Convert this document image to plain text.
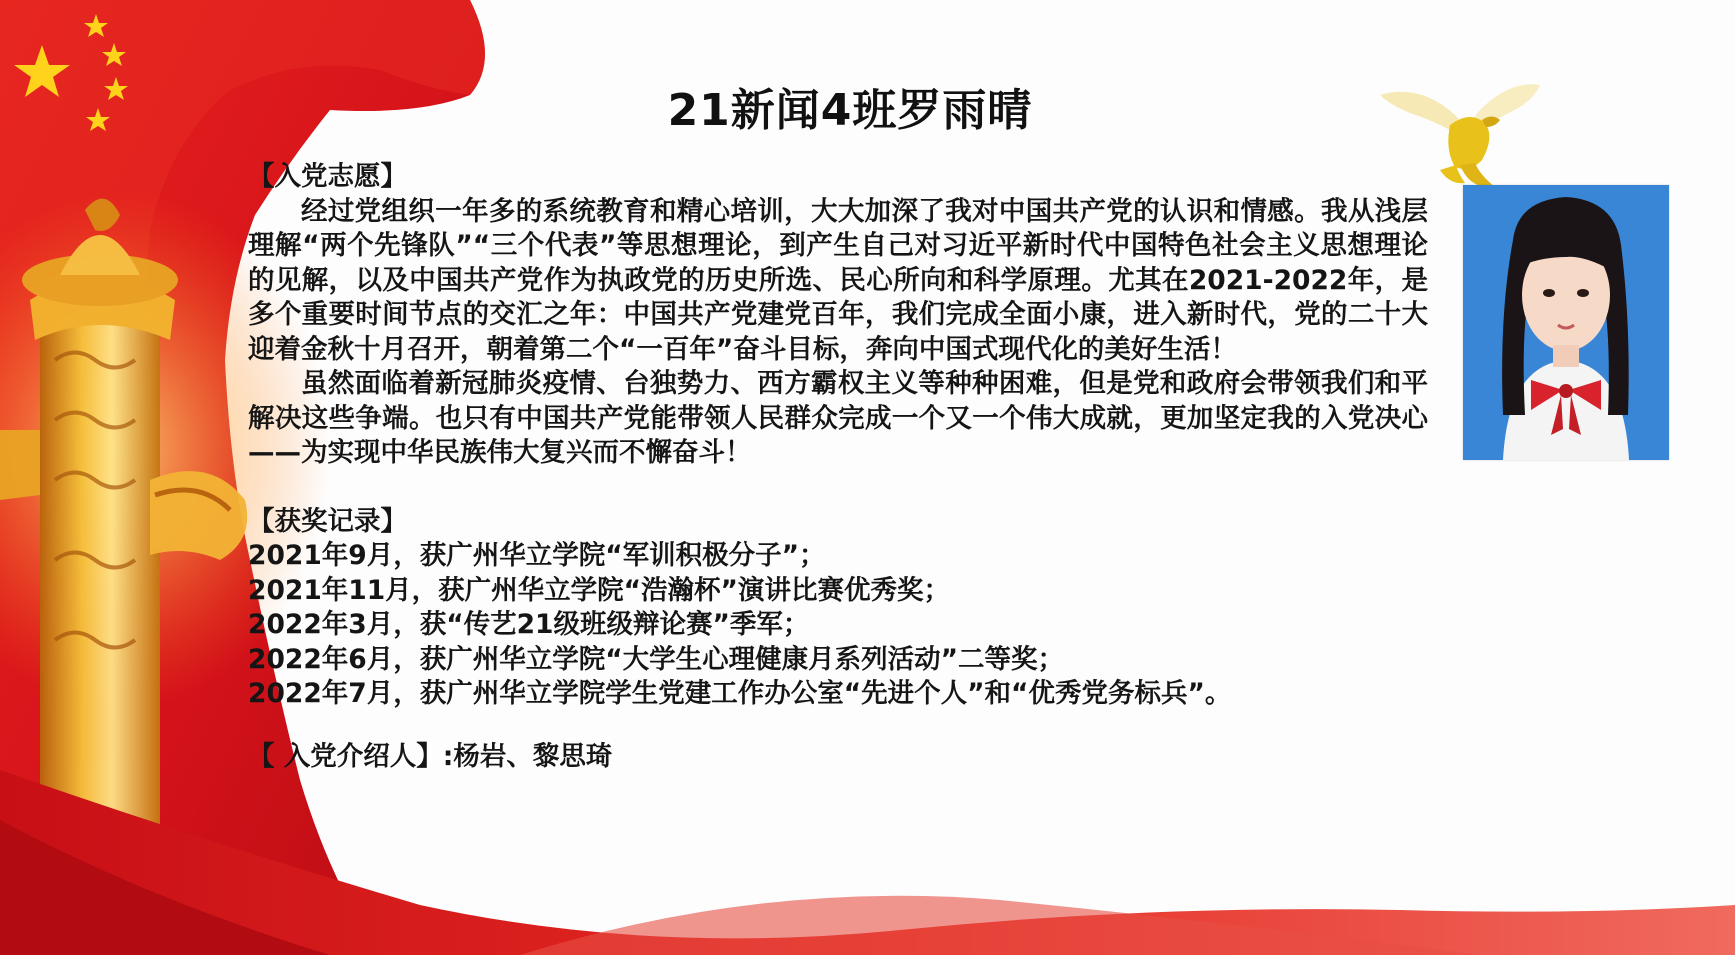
21新闻4班罗雨晴

【入党志愿】

经过党组织一年多的系统教育和精心培训，大大加深了我对中国共产党的认识和情感。我从浅层理解“两个先锋队”“三个代表”等思想理论，到产生自己对习近平新时代中国特色社会主义思想理论的见解，以及中国共产党作为执政党的历史所选、民心所向和科学原理。尤其在2021-2022年，是多个重要时间节点的交汇之年：中国共产党建党百年，我们完成全面小康，进入新时代，党的二十大迎着金秋十月召开，朝着第二个“一百年”奋斗目标，奔向中国式现代化的美好生活！

虽然面临着新冠肺炎疫情、台独势力、西方霸权主义等种种困难，但是党和政府会带领我们和平解决这些争端。也只有中国共产党能带领人民群众完成一个又一个伟大成就，更加坚定我的入党决心——为实现中华民族伟大复兴而不懈奋斗！

【获奖记录】

2021年9月，获广州华立学院“军训积极分子”；

2021年11月，获广州华立学院“浩瀚杯”演讲比赛优秀奖；

2022年3月，获“传艺21级班级辩论赛”季军；

2022年6月，获广州华立学院“大学生心理健康月系列活动”二等奖；

2022年7月，获广州华立学院学生党建工作办公室“先进个人”和“优秀党务标兵”。

【 入党介绍人】:杨岩、黎思琦
